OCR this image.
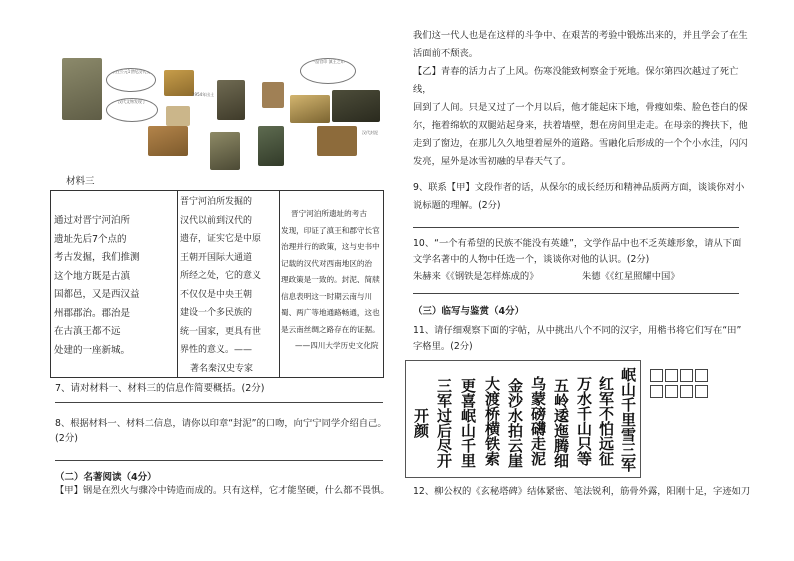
一朵在公元1世纪汉代文物
汉代文物发现了
1954年出土
一品官印 滇王之印
汉代封泥
材料三
通过对晋宁河泊所
遗址先后7个点的
考古发掘，我们推测
这个地方既是古滇
国都邑，又是西汉益
州郡郡治。郡治是
在古滇王都不远
处建的一座新城。
晋宁河泊所发掘的
汉代以前到汉代的
遗存，证实它是中原
王朝开国际大通道
所经之处，它的意义
不仅仅是中央王朝
建设一个多民族的
统一国家，更具有世
界性的意义。——
著名秦汉史专家
晋宁河泊所遗址的考古
发现，印证了滇王和郡守长官
治理并行的政策，这与史书中
记载的汉代对西南地区的治
理政策是一致的。封泥、简牍
信息表明这一时期云南与川
蜀、两广等地通路畅通，这也
是云南丝绸之路存在的证据。
——四川大学历史文化院
7、请对材料一、材料三的信息作简要概括。(2分)
8、根据材料一、材料二信息，请你以印章“封泥”的口吻，向宁宁同学介绍自己。
(2分)
（二）名著阅读（4分）
【甲】钢是在烈火与骤冷中铸造而成的。只有这样，它才能坚硬，什么都不畏惧。
我们这一代人也是在这样的斗争中、在艰苦的考验中锻炼出来的，并且学会了在生
活面前不颓丧。
【乙】青春的活力占了上风。伤寒没能致柯察金于死地。保尔第四次越过了死亡线，
回到了人间。只是又过了一个月以后，他才能起床下地，骨瘦如柴、脸色苍白的保
尔，拖着绵软的双腿站起身来，扶着墙壁，想在房间里走走。在母亲的搀扶下，他
走到了窗边，在那儿久久地望着屋外的道路。雪融化后形成的一个个小水洼，闪闪
发亮，屋外是冰雪初融的早春天气了。
9、联系【甲】文段作者的话，从保尔的成长经历和精神品质两方面，谈谈你对小
说标题的理解。(2分)
10、“一个有希望的民族不能没有英雄”，文学作品中也不乏英雄形象，请从下面
文学名著中的人物中任选一个，谈谈你对他的认识。(2分)
朱赫来《《钢铁是怎样炼成的》	朱德《《红星照耀中国》
（三）临写与鉴赏（4分）
11、请仔细观察下面的字帖，从中挑出八个不同的汉字，用楷书将它们写在“田”
字格里。(2分)
岷山千里雪三军
红军不怕远征
万水千山只等
五岭逶迤腾细
乌蒙磅礴走泥
金沙水拍云崖
大渡桥横铁索
更喜岷山千里
三军过后尽开
开颜
12、柳公权的《玄秘塔碑》结体紧密、笔法锐利，筋骨外露，阳刚十足，字迹如刀
